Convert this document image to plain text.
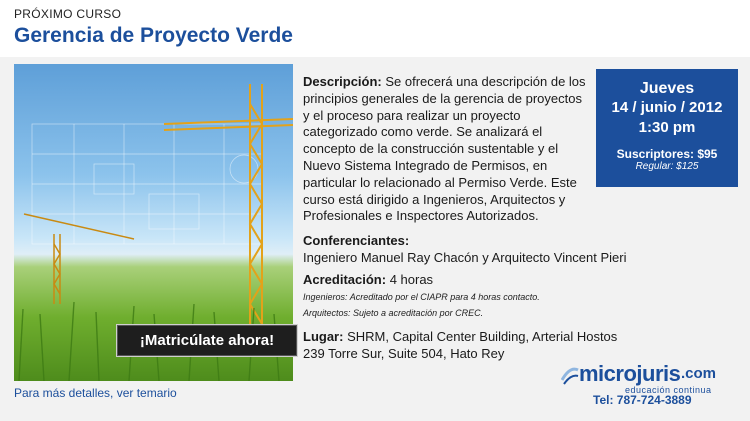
PRÓXIMO CURSO
Gerencia de Proyecto Verde
¡Matricúlate ahora!
Para más detalles, ver temario

Descripción: Se ofrecerá una descripción de los principios generales de la gerencia de proyectos y el proceso para realizar un proyecto categorizado como verde. Se analizará el concepto de la construcción sustentable y el Nuevo Sistema Integrado de Permisos, en particular lo relacionado al Permiso Verde. Este curso está dirigido a Ingenieros, Arquitectos y Profesionales e Inspectores Autorizados.

Conferenciantes:
Ingeniero Manuel Ray Chacón y Arquitecto Vincent Pieri
Acreditación: 4 horas
Ingenieros: Acreditado por el CIAPR para 4 horas contacto.
Arquitectos: Sujeto a acreditación por CREC.
Lugar: SHRM, Capital Center Building, Arterial Hostos 239 Torre Sur, Suite 504, Hato Rey
Jueves
14 / junio / 2012
1:30 pm
Suscriptores: $95
Regular: $125
microjuris .com
educación continua
Tel: 787-724-3889
